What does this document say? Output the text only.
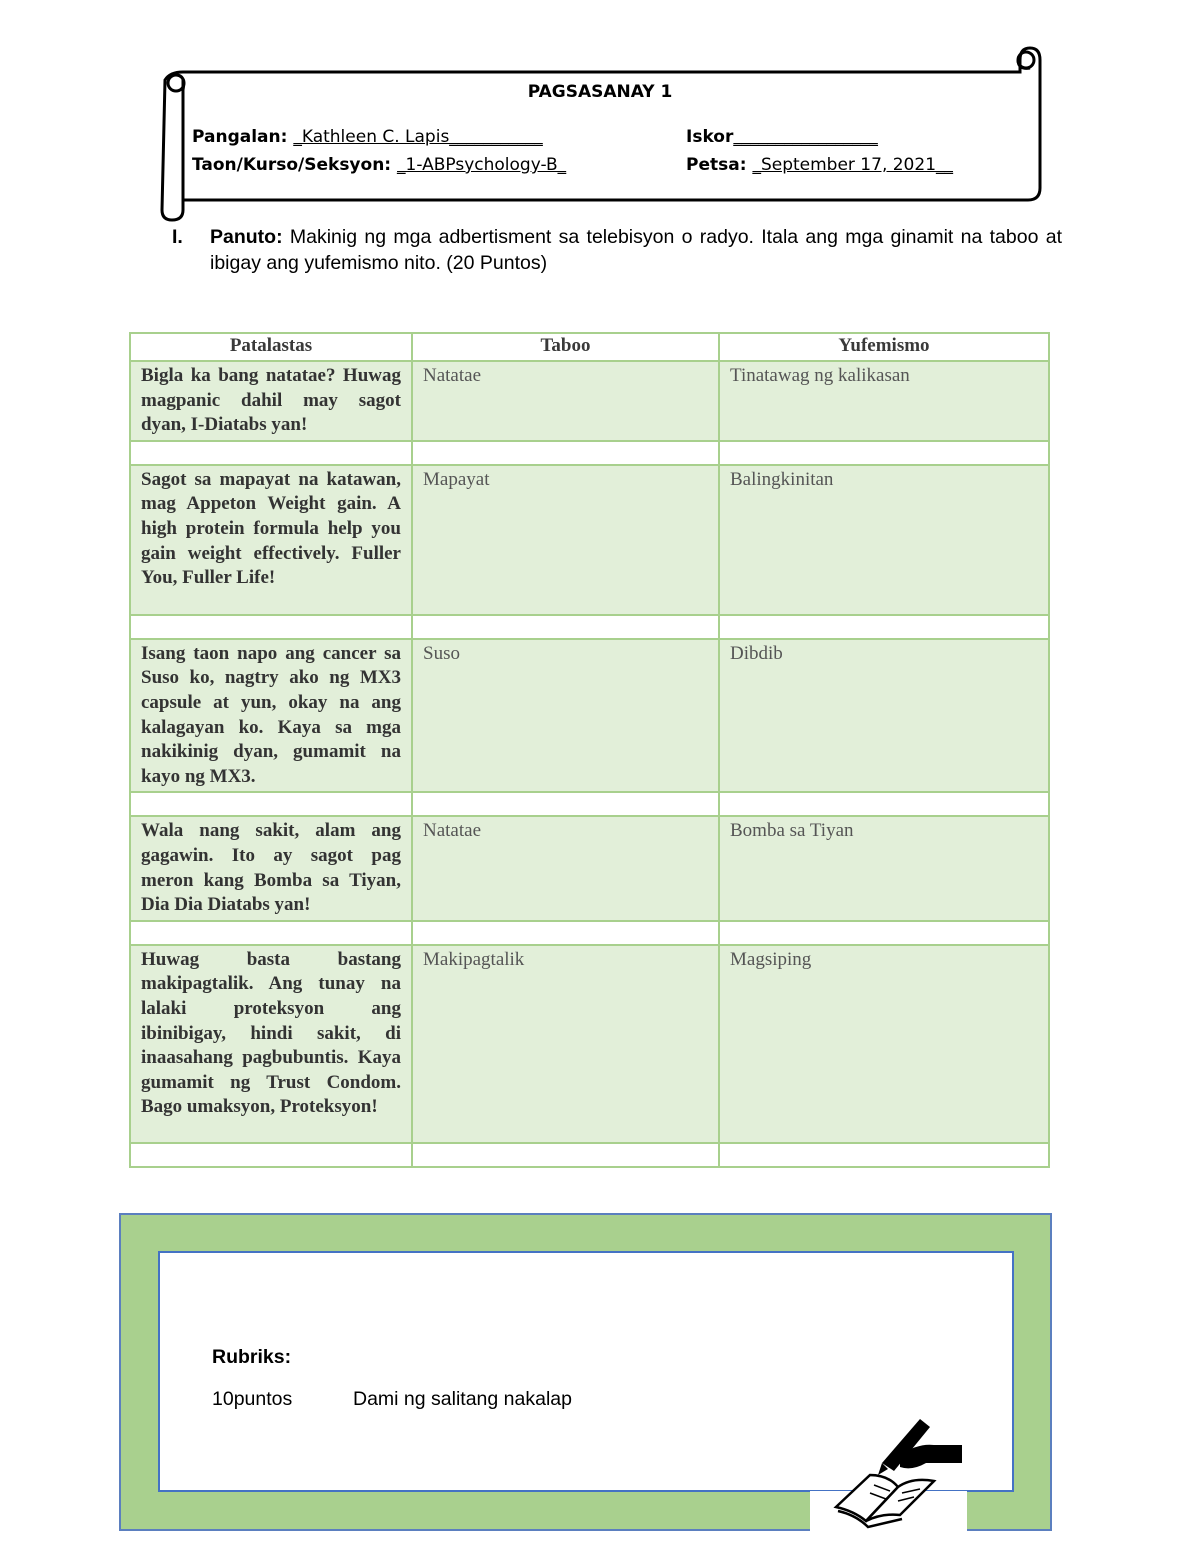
PAGSASANAY 1
Pangalan: _Kathleen C. Lapis___________	Iskor_________________
Taon/Kurso/Seksyon: _1-ABPsychology-B_	Petsa: _September 17, 2021__
I. Panuto: Makinig ng mga adbertisment sa telebisyon o radyo. Itala ang mga ginamit na taboo at ibigay ang yufemismo nito. (20 Puntos)
Patalastas	Taboo	Yufemismo
Bigla ka bang natatae? Huwag magpanic dahil may sagot dyan, I-Diatabs yan!	Natatae	Tinatawag ng kalikasan

Sagot sa mapayat na katawan, mag Appeton Weight gain. A high protein formula help you gain weight effectively. Fuller You, Fuller Life!	Mapayat	Balingkinitan

Isang taon napo ang cancer sa Suso ko, nagtry ako ng MX3 capsule at yun, okay na ang kalagayan ko. Kaya sa mga nakikinig dyan, gumamit na kayo ng MX3.	Suso	Dibdib

Wala nang sakit, alam ang gagawin. Ito ay sagot pag meron kang Bomba sa Tiyan, Dia Dia Diatabs yan!	Natatae	Bomba sa Tiyan

Huwag basta bastang makipagtalik. Ang tunay na lalaki proteksyon ang ibinibigay, hindi sakit, di inaasahang pagbubuntis. Kaya gumamit ng Trust Condom. Bago umaksyon, Proteksyon!	Makipagtalik	Magsiping

Rubriks:
10puntos	Dami ng salitang nakalap
